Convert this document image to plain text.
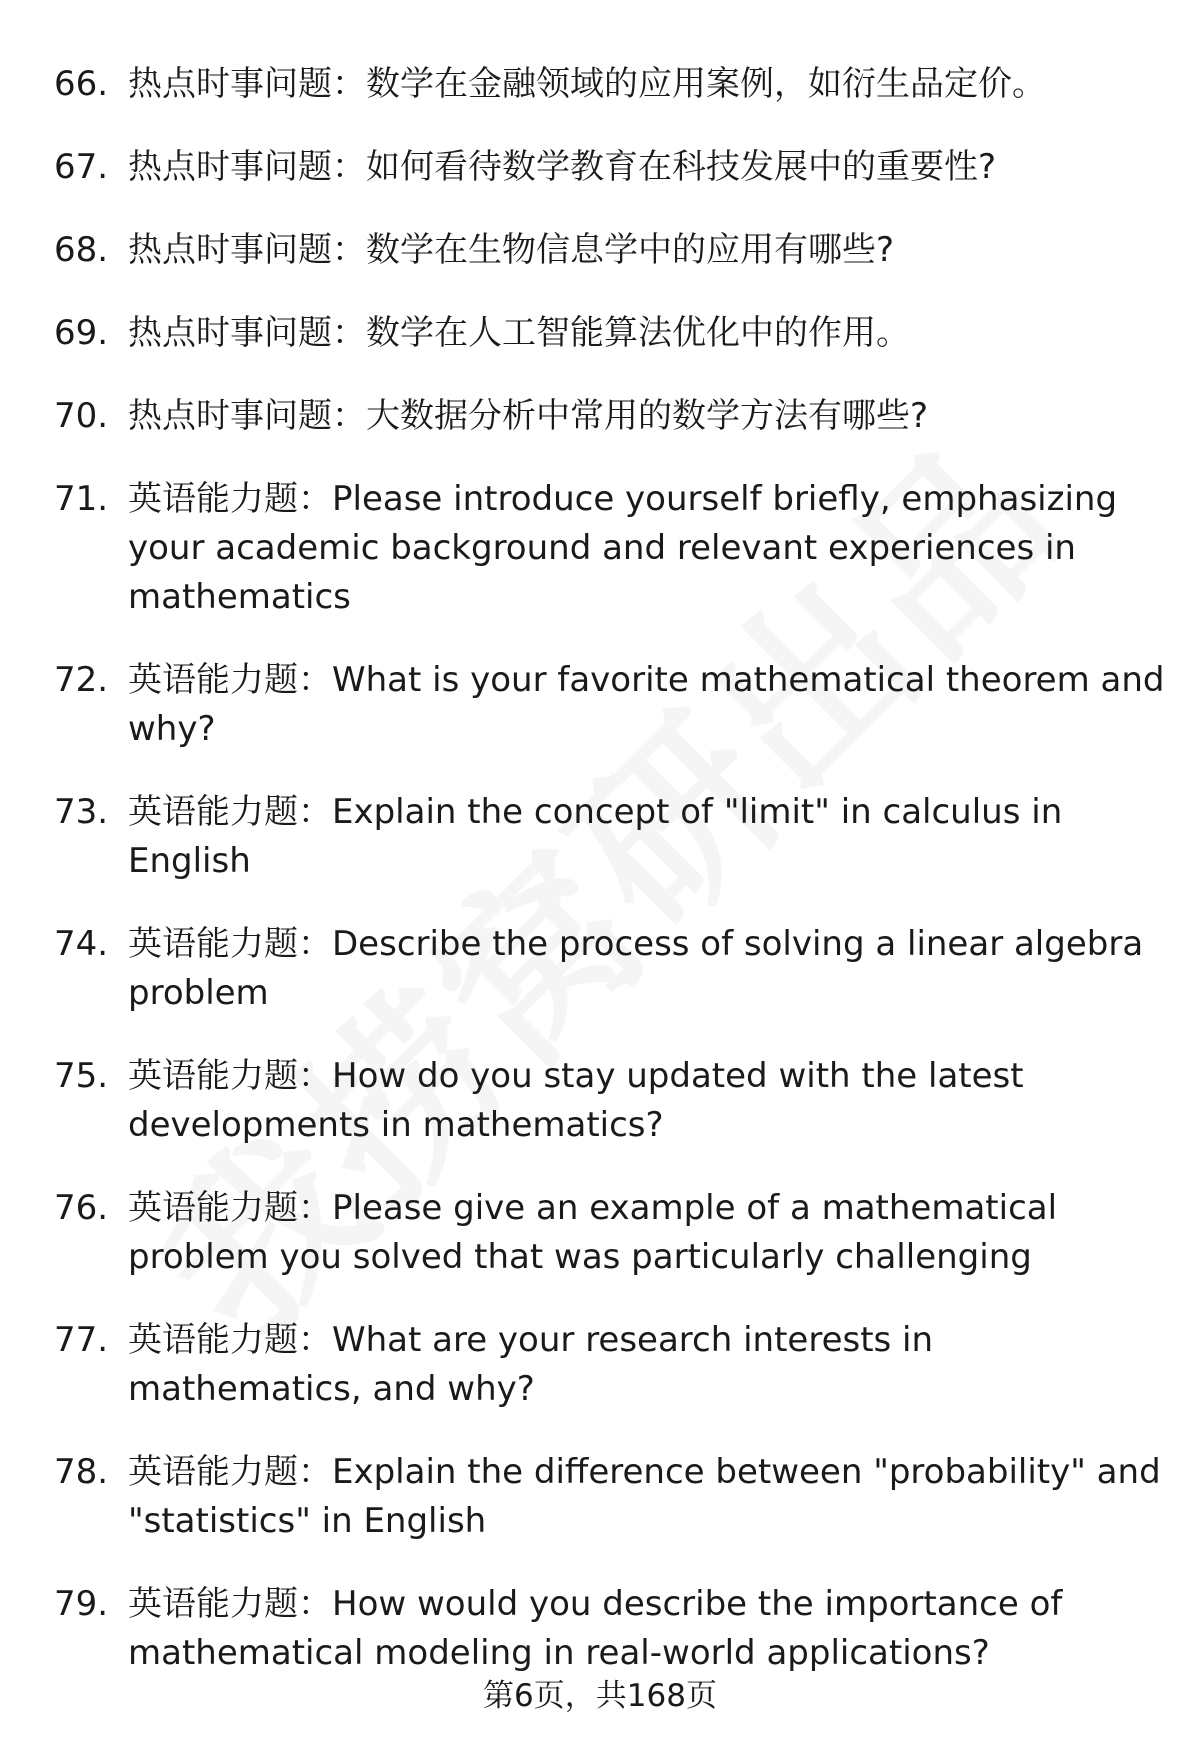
66. 热点时事问题：数学在金融领域的应用案例，如衍生品定价。
67. 热点时事问题：如何看待数学教育在科技发展中的重要性?
68. 热点时事问题：数学在生物信息学中的应用有哪些?
69. 热点时事问题：数学在人工智能算法优化中的作用。
70. 热点时事问题：大数据分析中常用的数学方法有哪些?
71. 英语能力题：Please introduce yourself briefly, emphasizing your academic background and relevant experiences in mathematics
72. 英语能力题：What is your favorite mathematical theorem and why?
73. 英语能力题：Explain the concept of "limit" in calculus in English
74. 英语能力题：Describe the process of solving a linear algebra problem
75. 英语能力题：How do you stay updated with the latest developments in mathematics?
76. 英语能力题：Please give an example of a mathematical problem you solved that was particularly challenging
77. 英语能力题：What are your research interests in mathematics, and why?
78. 英语能力题：Explain the difference between "probability" and "statistics" in English
79. 英语能力题：How would you describe the importance of mathematical modeling in real-world applications?
第6页，共168页
